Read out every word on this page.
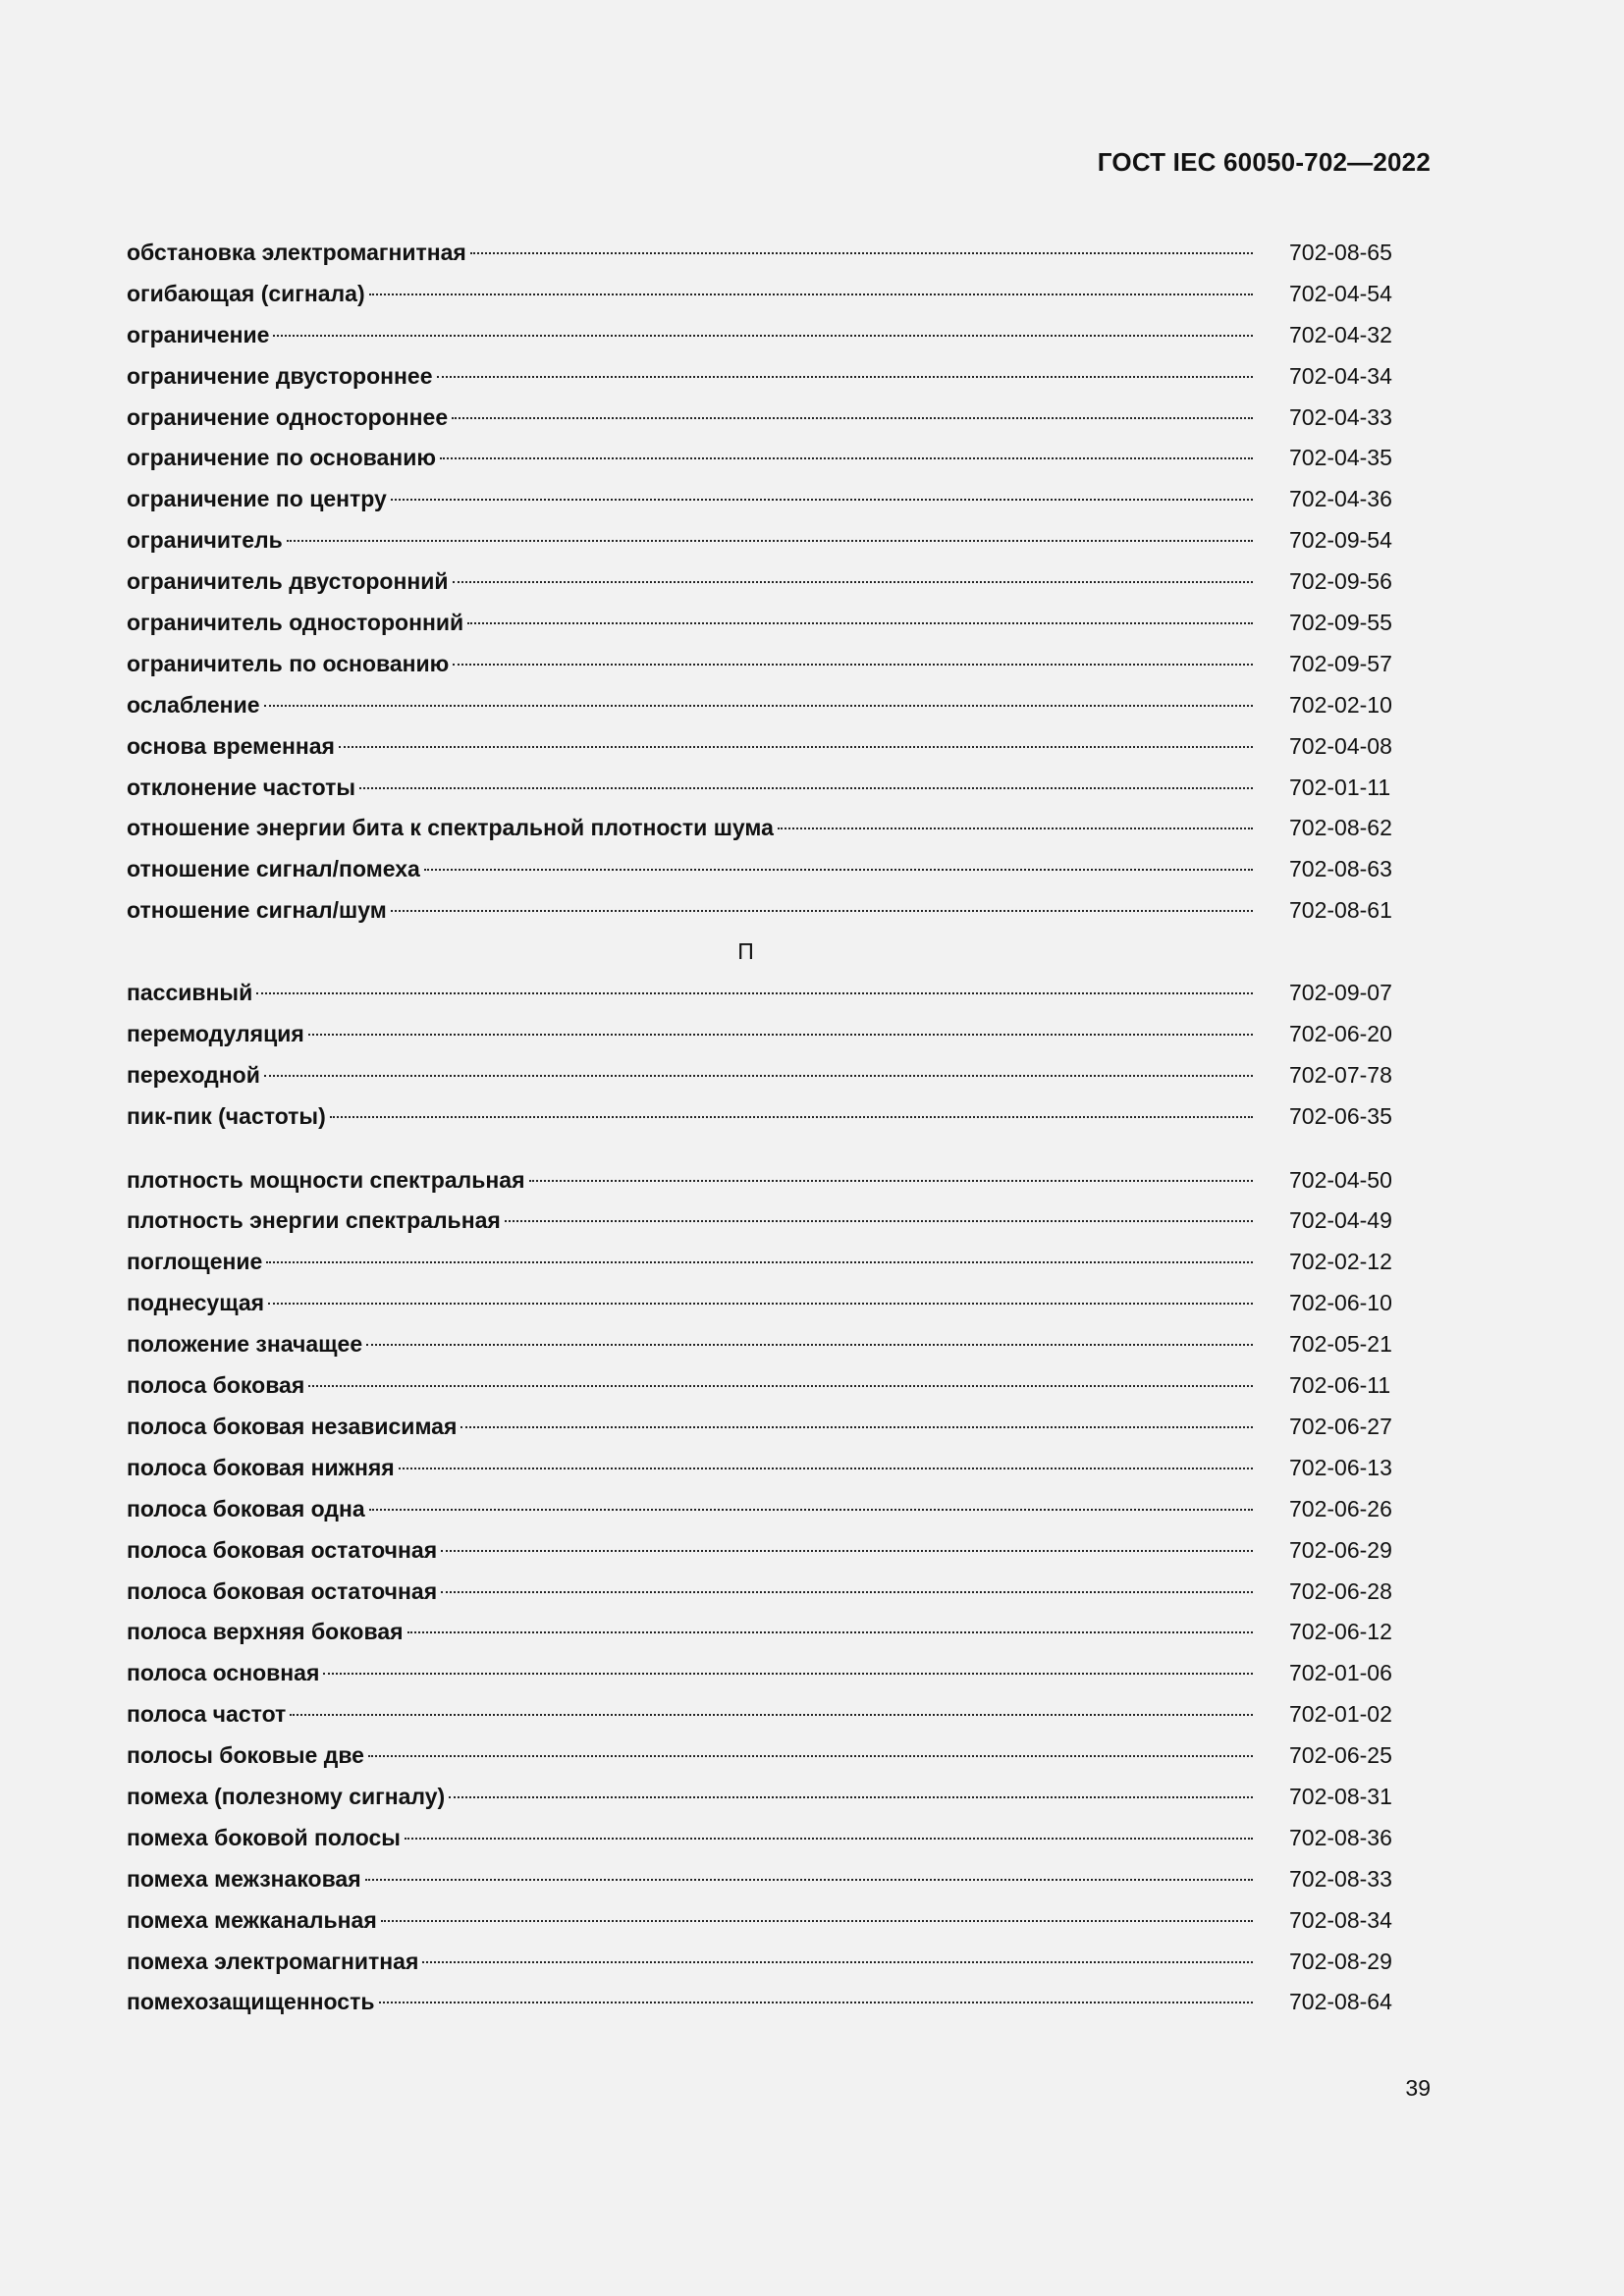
ГОСТ IEC 60050-702—2022
обстановка электромагнитная	702-08-65
огибающая (сигнала)	702-04-54
ограничение	702-04-32
ограничение двустороннее	702-04-34
ограничение одностороннее	702-04-33
ограничение по основанию	702-04-35
ограничение по центру	702-04-36
ограничитель	702-09-54
ограничитель двусторонний	702-09-56
ограничитель односторонний	702-09-55
ограничитель по основанию	702-09-57
ослабление	702-02-10
основа временная	702-04-08
отклонение частоты	702-01-11
отношение энергии бита к спектральной плотности шума	702-08-62
отношение сигнал/помеха	702-08-63
отношение сигнал/шум	702-08-61
П
пассивный	702-09-07
перемодуляция	702-06-20
переходной	702-07-78
пик-пик (частоты)	702-06-35
плотность мощности спектральная	702-04-50
плотность энергии спектральная	702-04-49
поглощение	702-02-12
поднесущая	702-06-10
положение значащее	702-05-21
полоса боковая	702-06-11
полоса боковая независимая	702-06-27
полоса боковая нижняя	702-06-13
полоса боковая одна	702-06-26
полоса боковая остаточная	702-06-29
полоса боковая остаточная	702-06-28
полоса верхняя боковая	702-06-12
полоса основная	702-01-06
полоса частот	702-01-02
полосы боковые две	702-06-25
помеха (полезному сигналу)	702-08-31
помеха боковой полосы	702-08-36
помеха межзнаковая	702-08-33
помеха межканальная	702-08-34
помеха электромагнитная	702-08-29
помехозащищенность	702-08-64
39
